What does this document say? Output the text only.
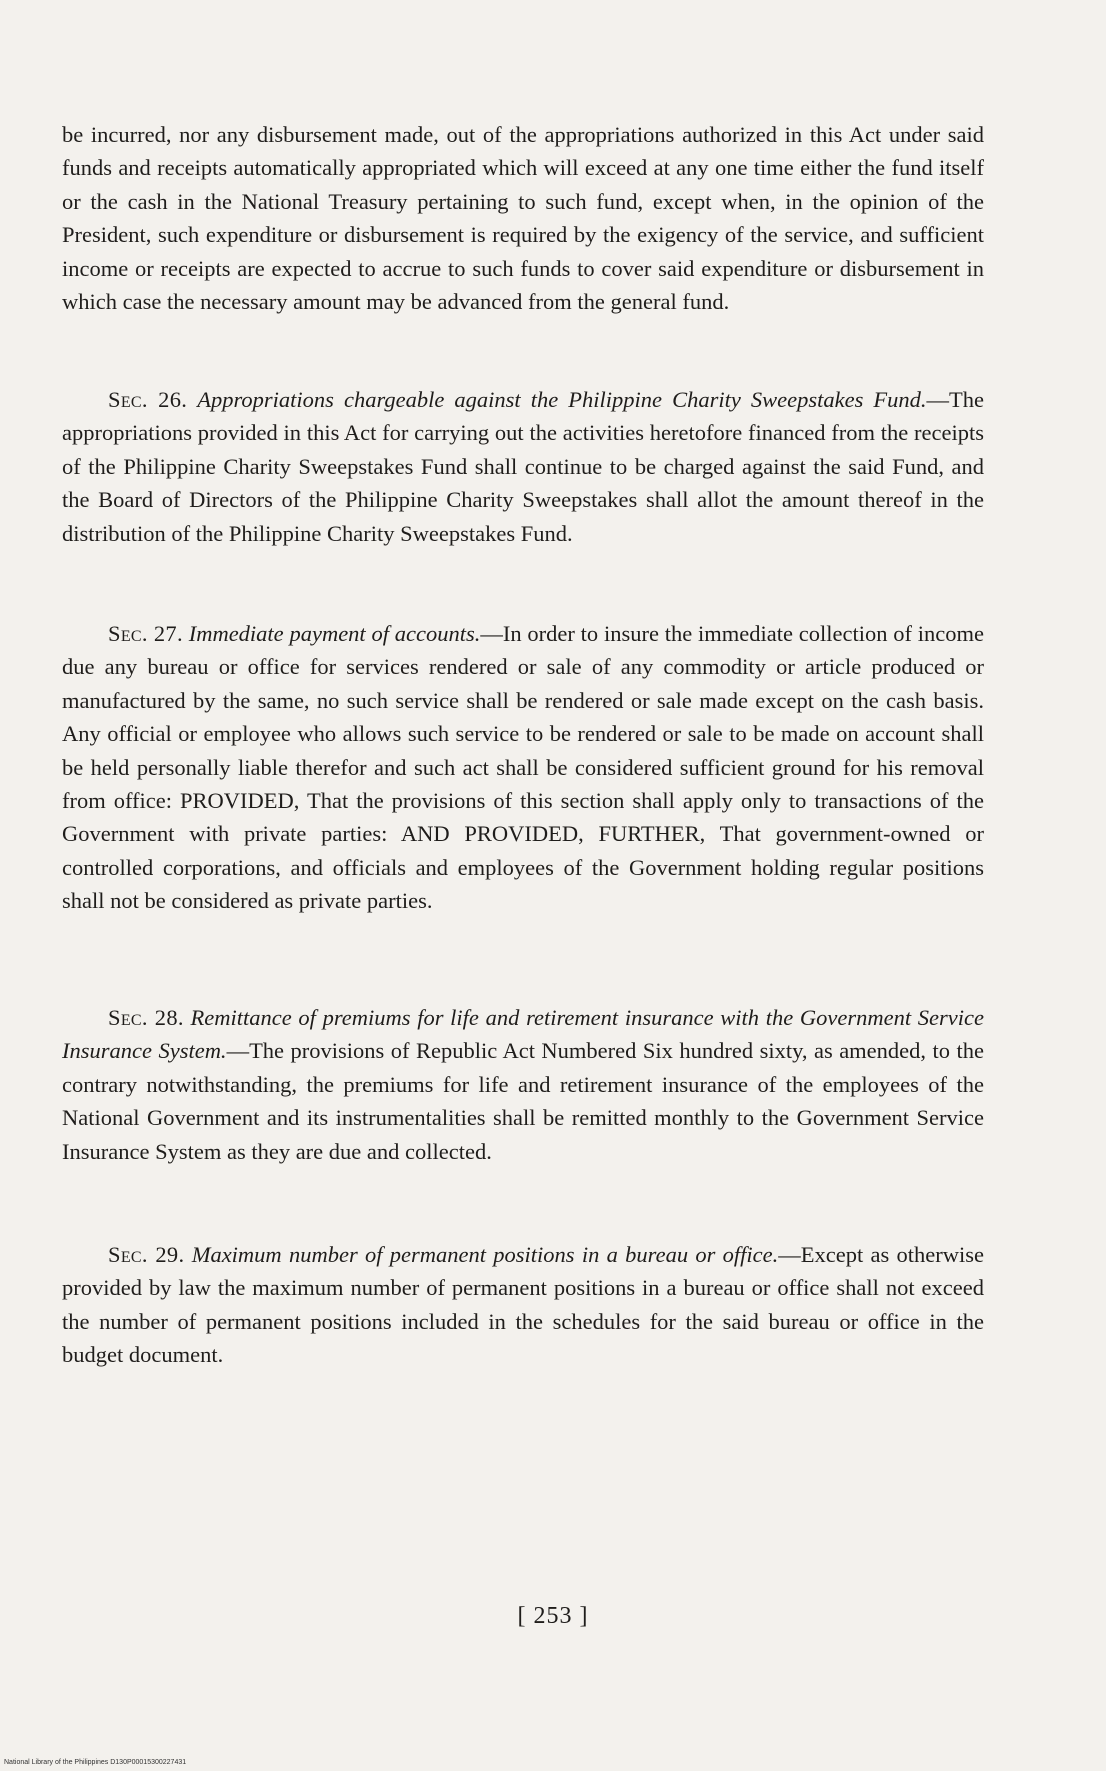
be incurred, nor any disbursement made, out of the appropriations authorized in this Act under said funds and receipts automatically appropriated which will exceed at any one time either the fund itself or the cash in the National Treasury pertaining to such fund, except when, in the opinion of the President, such expenditure or disbursement is required by the exigency of the service, and sufficient income or receipts are expected to accrue to such funds to cover said expenditure or disbursement in which case the necessary amount may be advanced from the general fund.

Sec. 26. Appropriations chargeable against the Philippine Charity Sweepstakes Fund.—The appropriations provided in this Act for carrying out the activities heretofore financed from the receipts of the Philippine Charity Sweepstakes Fund shall continue to be charged against the said Fund, and the Board of Directors of the Philippine Charity Sweepstakes shall allot the amount thereof in the distribution of the Philippine Charity Sweepstakes Fund.

Sec. 27. Immediate payment of accounts.—In order to insure the immediate collection of income due any bureau or office for services rendered or sale of any commodity or article produced or manufactured by the same, no such service shall be rendered or sale made except on the cash basis. Any official or employee who allows such service to be rendered or sale to be made on account shall be held personally liable therefor and such act shall be considered sufficient ground for his removal from office: PROVIDED, That the provisions of this section shall apply only to transactions of the Government with private parties: AND PROVIDED, FURTHER, That government-owned or controlled corporations, and officials and employees of the Government holding regular positions shall not be considered as private parties.

Sec. 28. Remittance of premiums for life and retirement insurance with the Government Service Insurance System.—The provisions of Republic Act Numbered Six hundred sixty, as amended, to the contrary notwithstanding, the premiums for life and retirement insurance of the employees of the National Government and its instrumentalities shall be remitted monthly to the Government Service Insurance System as they are due and collected.

Sec. 29. Maximum number of permanent positions in a bureau or office.—Except as otherwise provided by law the maximum number of permanent positions in a bureau or office shall not exceed the number of permanent positions included in the schedules for the said bureau or office in the budget document.

[ 253 ]
National Library of the Philippines D130P00015300227431
